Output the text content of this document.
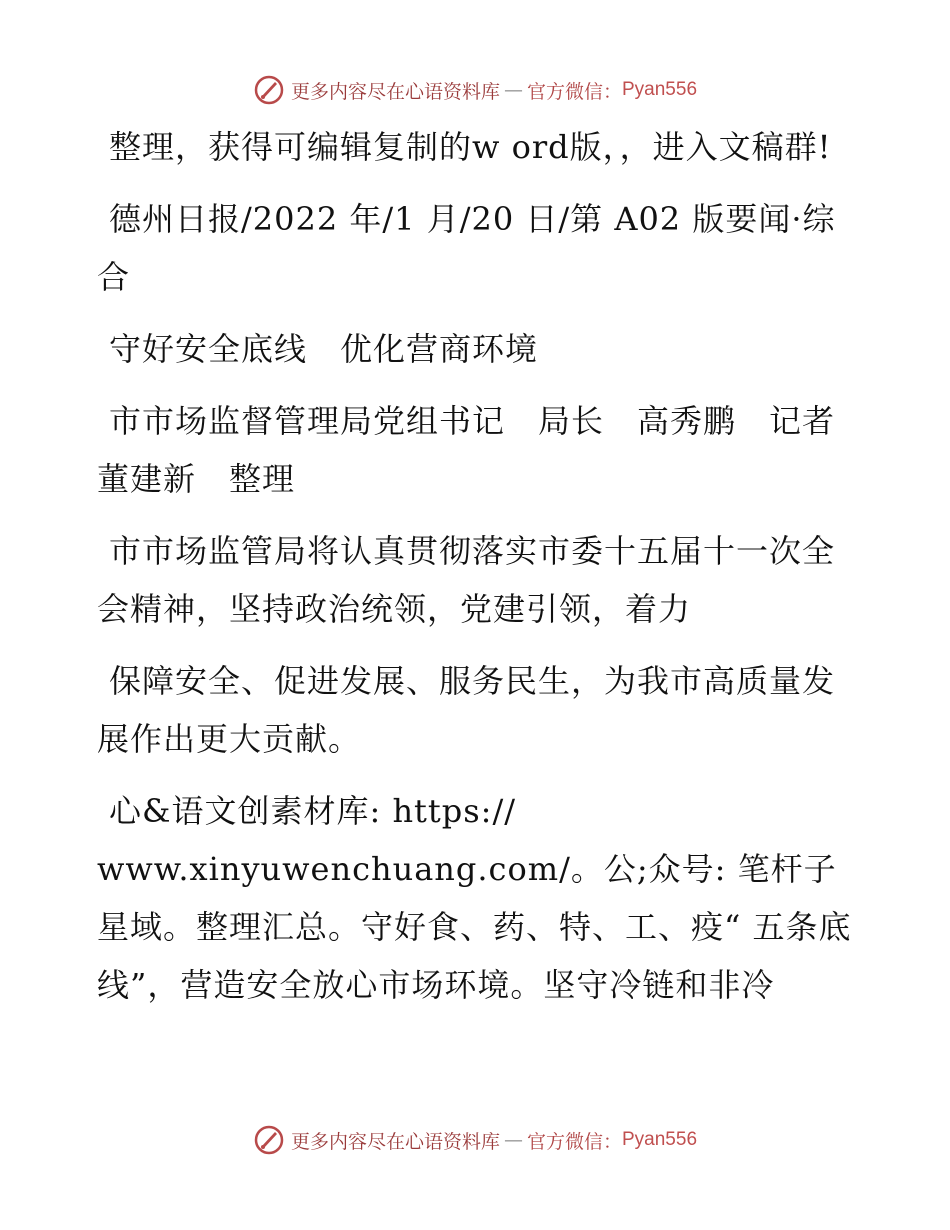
更多内容尽在心语资料库 — 官方微信： Pyan556

整理，获得可编辑复制的w ord版，，进入文稿群!

德州日报/2022 年/1 月/20 日/第 A02 版要闻·综合

守好安全底线　优化营商环境

市市场监督管理局党组书记　局长　高秀鹏　记者　董建新　整理

市市场监管局将认真贯彻落实市委十五届十一次全会精神，坚持政治统领，党建引领，着力

保障安全、促进发展、服务民生，为我市高质量发展作出更大贡献。

心&语文创素材库: https://

www.xinyuwenchuang.com/。公;众号: 笔杆子星域。整理汇总。守好食、药、特、工、疫“ 五条底线”，营造安全放心市场环境。坚守冷链和非冷

更多内容尽在心语资料库 — 官方微信： Pyan556
